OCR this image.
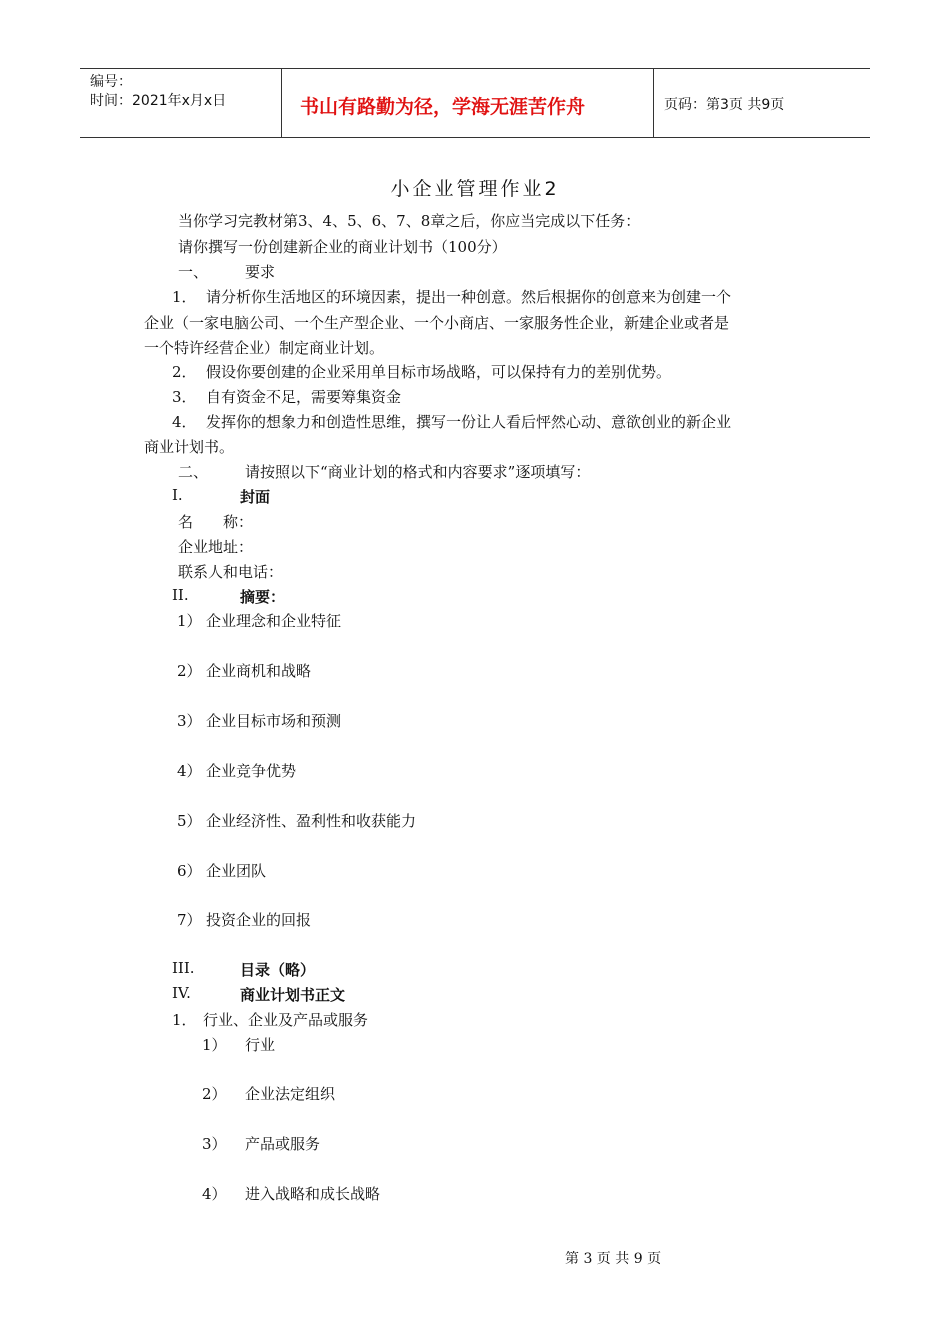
编号：
时间：2021年x月x日	书山有路勤为径，学海无涯苦作舟	页码：第3页 共9页
小企业管理作业2
当你学习完教材第3、4、5、6、7、8章之后，你应当完成以下任务：
请你撰写一份创建新企业的商业计划书（100分）
一、 要求
1． 请分析你生活地区的环境因素，提出一种创意。然后根据你的创意来为创建一个
企业（一家电脑公司、一个生产型企业、一个小商店、一家服务性企业，新建企业或者是
一个特许经营企业）制定商业计划。
2． 假设你要创建的企业采用单目标市场战略，可以保持有力的差别优势。
3． 自有资金不足，需要筹集资金
4． 发挥你的想象力和创造性思维，撰写一份让人看后怦然心动、意欲创业的新企业
商业计划书。
二、 请按照以下“商业计划的格式和内容要求”逐项填写：
I.	封面
名　　称：
企业地址：
联系人和电话：
II.	摘要：
1） 企业理念和企业特征
2） 企业商机和战略
3） 企业目标市场和预测
4） 企业竞争优势
5） 企业经济性、盈利性和收获能力
6） 企业团队
7） 投资企业的回报
III.	目录（略）
IV.	商业计划书正文
1． 行业、企业及产品或服务
1） 行业
2） 企业法定组织
3） 产品或服务
4） 进入战略和成长战略
第 3 页 共 9 页
